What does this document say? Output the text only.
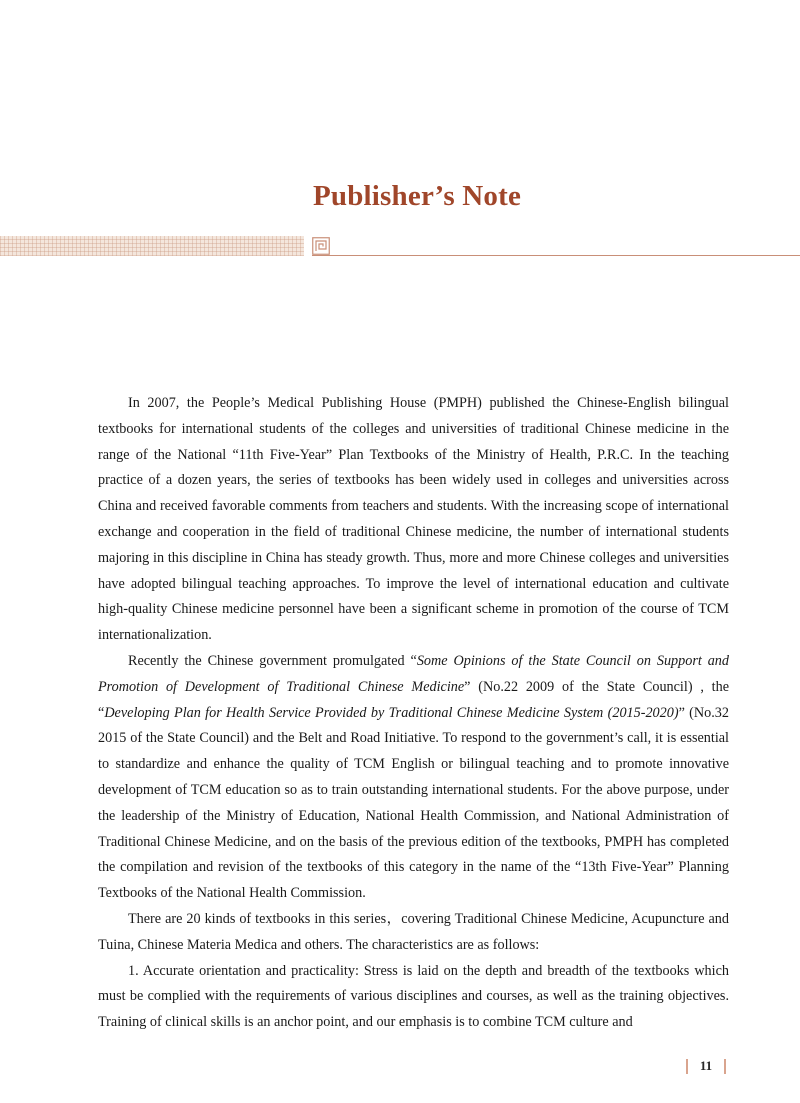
Publisher’s Note

In 2007, the People’s Medical Publishing House (PMPH) published the Chinese-English bilingual textbooks for international students of the colleges and universities of traditional Chinese medicine in the range of the National “11th Five-Year” Plan Textbooks of the Ministry of Health, P.R.C. In the teaching practice of a dozen years, the series of textbooks has been widely used in colleges and universities across China and received favorable comments from teachers and students. With the increasing scope of international exchange and cooperation in the field of traditional Chinese medicine, the number of international students majoring in this discipline in China has steady growth. Thus, more and more Chinese colleges and universities have adopted bilingual teaching approaches. To improve the level of international education and cultivate high-quality Chinese medicine personnel have been a significant scheme in promotion of the course of TCM internationalization.

Recently the Chinese government promulgated “Some Opinions of the State Council on Support and Promotion of Development of Traditional Chinese Medicine” (No.22 2009 of the State Council) , the “Developing Plan for Health Service Provided by Traditional Chinese Medicine System (2015-2020)” (No.32 2015 of the State Council) and the Belt and Road Initiative. To respond to the government’s call, it is essential to standardize and enhance the quality of TCM English or bilingual teaching and to promote innovative development of TCM education so as to train outstanding international students. For the above purpose, under the leadership of the Ministry of Education, National Health Commission, and National Administration of Traditional Chinese Medicine, and on the basis of the previous edition of the textbooks, PMPH has completed the compilation and revision of the textbooks of this category in the name of the “13th Five-Year” Planning Textbooks of the National Health Commission.

There are 20 kinds of textbooks in this series，covering Traditional Chinese Medicine, Acupuncture and Tuina, Chinese Materia Medica and others. The characteristics are as follows:

1. Accurate orientation and practicality: Stress is laid on the depth and breadth of the textbooks which must be complied with the requirements of various disciplines and courses, as well as the training objectives. Training of clinical skills is an anchor point, and our emphasis is to combine TCM culture and

11
